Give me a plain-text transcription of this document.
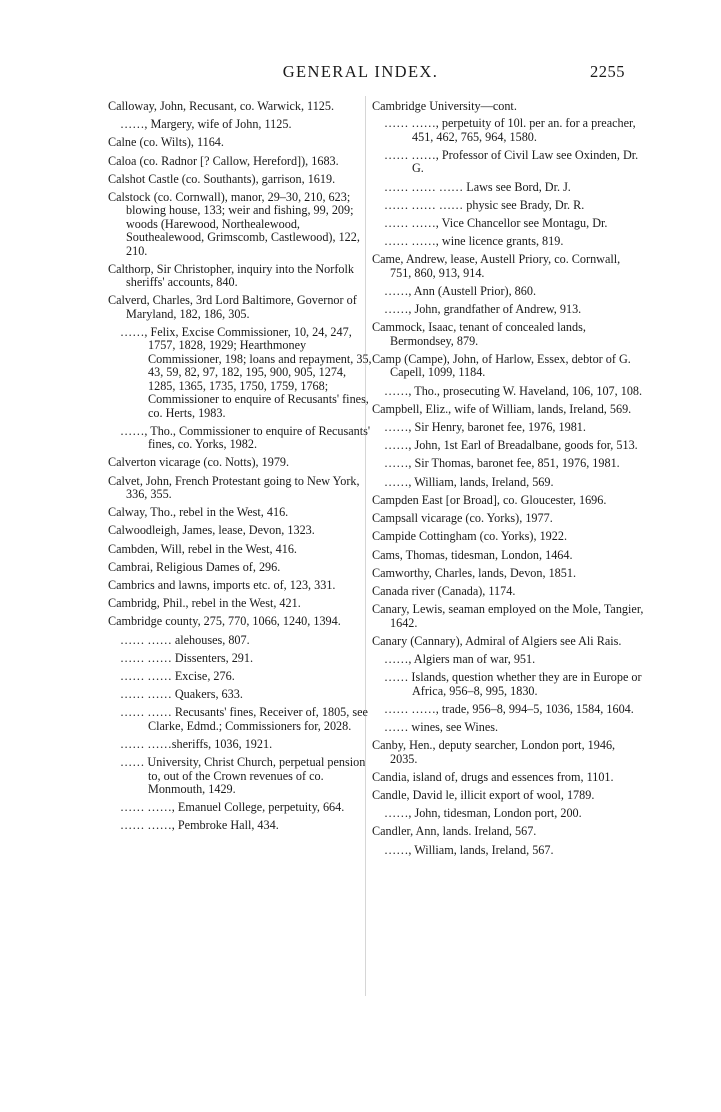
GENERAL INDEX.	2255
Calloway, John, Recusant, co. Warwick, 1125.
……, Margery, wife of John, 1125.
Calne (co. Wilts), 1164.
Caloa (co. Radnor [? Callow, Hereford]), 1683.
Calshot Castle (co. Southants), garrison, 1619.
Calstock (co. Cornwall), manor, 29–30, 210, 623; blowing house, 133; weir and fishing, 99, 209; woods (Harewood, Northealewood, Southealewood, Grimscomb, Castlewood), 122, 210.
Calthorp, Sir Christopher, inquiry into the Norfolk sheriffs' accounts, 840.
Calverd, Charles, 3rd Lord Baltimore, Governor of Maryland, 182, 186, 305.
……, Felix, Excise Commissioner, 10, 24, 247, 1757, 1828, 1929; Hearthmoney Commissioner, 198; loans and repayment, 35, 43, 59, 82, 97, 182, 195, 900, 905, 1274, 1285, 1365, 1735, 1750, 1759, 1768; Commissioner to enquire of Recusants' fines, co. Herts, 1983.
……, Tho., Commissioner to enquire of Recusants' fines, co. Yorks, 1982.
Calverton vicarage (co. Notts), 1979.
Calvet, John, French Protestant going to New York, 336, 355.
Calway, Tho., rebel in the West, 416.
Calwoodleigh, James, lease, Devon, 1323.
Cambden, Will, rebel in the West, 416.
Cambrai, Religious Dames of, 296.
Cambrics and lawns, imports etc. of, 123, 331.
Cambridg, Phil., rebel in the West, 421.
Cambridge county, 275, 770, 1066, 1240, 1394.
…… …… alehouses, 807.
…… …… Dissenters, 291.
…… …… Excise, 276.
…… …… Quakers, 633.
…… …… Recusants' fines, Receiver of, 1805, see Clarke, Edmd.; Commissioners for, 2028.
…… ……sheriffs, 1036, 1921.
…… University, Christ Church, perpetual pension to, out of the Crown revenues of co. Monmouth, 1429.
…… ……, Emanuel College, perpetuity, 664.
…… ……, Pembroke Hall, 434.
Cambridge University—cont.
…… ……, perpetuity of 10l. per an. for a preacher, 451, 462, 765, 964, 1580.
…… ……, Professor of Civil Law see Oxinden, Dr. G.
…… …… …… Laws see Bord, Dr. J.
…… …… …… physic see Brady, Dr. R.
…… ……, Vice Chancellor see Montagu, Dr.
…… ……, wine licence grants, 819.
Came, Andrew, lease, Austell Priory, co. Cornwall, 751, 860, 913, 914.
……, Ann (Austell Prior), 860.
……, John, grandfather of Andrew, 913.
Cammock, Isaac, tenant of concealed lands, Bermondsey, 879.
Camp (Campe), John, of Harlow, Essex, debtor of G. Capell, 1099, 1184.
……, Tho., prosecuting W. Haveland, 106, 107, 108.
Campbell, Eliz., wife of William, lands, Ireland, 569.
……, Sir Henry, baronet fee, 1976, 1981.
……, John, 1st Earl of Breadalbane, goods for, 513.
……, Sir Thomas, baronet fee, 851, 1976, 1981.
……, William, lands, Ireland, 569.
Campden East [or Broad], co. Gloucester, 1696.
Campsall vicarage (co. Yorks), 1977.
Campide Cottingham (co. Yorks), 1922.
Cams, Thomas, tidesman, London, 1464.
Camworthy, Charles, lands, Devon, 1851.
Canada river (Canada), 1174.
Canary, Lewis, seaman employed on the Mole, Tangier, 1642.
Canary (Cannary), Admiral of Algiers see Ali Rais.
……, Algiers man of war, 951.
…… Islands, question whether they are in Europe or Africa, 956–8, 995, 1830.
…… ……, trade, 956–8, 994–5, 1036, 1584, 1604.
…… wines, see Wines.
Canby, Hen., deputy searcher, London port, 1946, 2035.
Candia, island of, drugs and essences from, 1101.
Candle, David le, illicit export of wool, 1789.
……, John, tidesman, London port, 200.
Candler, Ann, lands. Ireland, 567.
……, William, lands, Ireland, 567.
